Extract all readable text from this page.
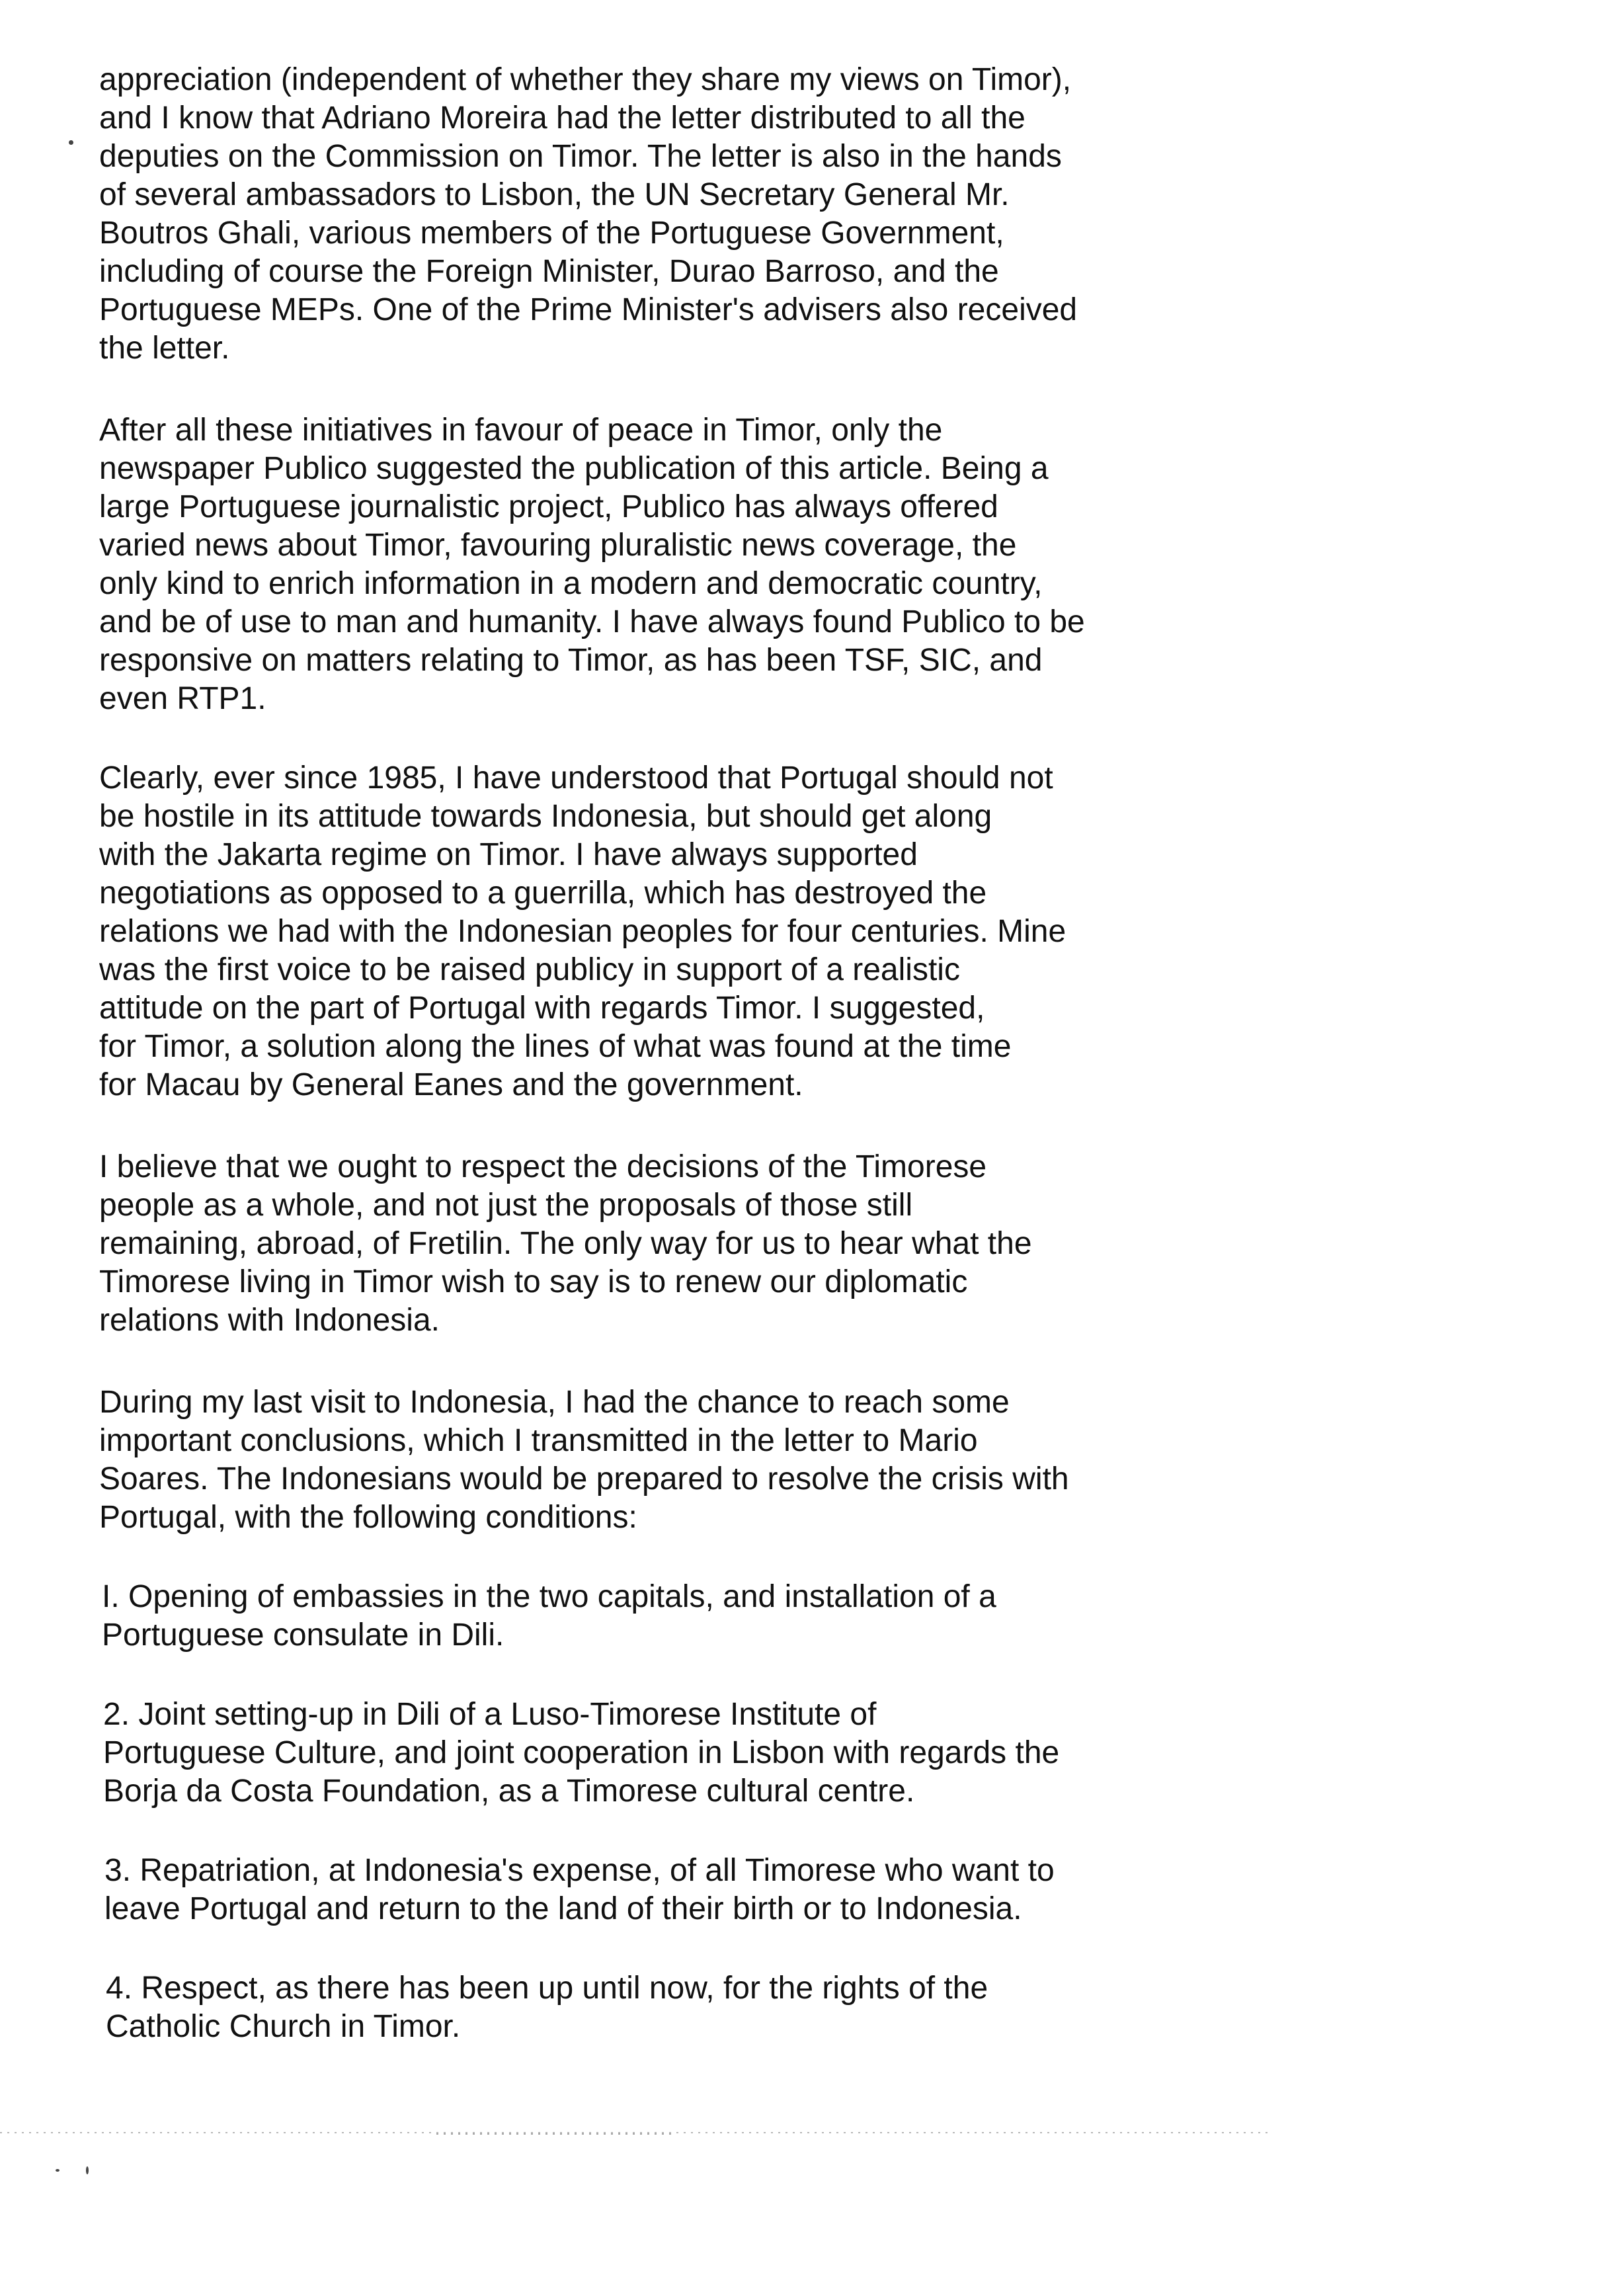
appreciation (independent of whether they share my views on Timor),

and I know that Adriano Moreira had the letter distributed to all the

deputies on the Commission on Timor. The letter is also in the hands

of several ambassadors to Lisbon, the UN Secretary General Mr.

Boutros Ghali, various members of the Portuguese Government,

including of course the Foreign Minister, Durao Barroso, and the

Portuguese MEPs. One of the Prime Minister's advisers also received

the letter.

After all these initiatives in favour of peace in Timor, only the

newspaper Publico suggested the publication of this article. Being a

large Portuguese journalistic project, Publico has always offered

varied news about Timor, favouring pluralistic news coverage, the

only kind to enrich information in a modern and democratic country,

and be of use to man and humanity. I have always found Publico to be

responsive on matters relating to Timor, as has been TSF, SIC, and

even RTP1.

Clearly, ever since 1985, I have understood that Portugal should not

be hostile in its attitude towards Indonesia, but should get along

with the Jakarta regime on Timor. I have always supported

negotiations as opposed to a guerrilla, which has destroyed the

relations we had with the Indonesian peoples for four centuries. Mine

was the first voice to be raised publicy in support of a realistic

attitude on the part of Portugal with regards Timor. I suggested,

for Timor, a solution along the lines of what was found at the time

for Macau by General Eanes and the government.

I believe that we ought to respect the decisions of the Timorese

people as a whole, and not just the proposals of those still

remaining, abroad, of Fretilin. The only way for us to hear what the

Timorese living in Timor wish to say is to renew our diplomatic

relations with Indonesia.

During my last visit to Indonesia, I had the chance to reach some

important conclusions, which I transmitted in the letter to Mario

Soares. The Indonesians would be prepared to resolve the crisis with

Portugal, with the following conditions:

I. Opening of embassies in the two capitals, and installation of a

Portuguese consulate in Dili.

2. Joint setting-up in Dili of a Luso-Timorese Institute of

Portuguese Culture, and joint cooperation in Lisbon with regards the

Borja da Costa Foundation, as a Timorese cultural centre.

3. Repatriation, at Indonesia's expense, of all Timorese who want to

leave Portugal and return to the land of their birth or to Indonesia.

4. Respect, as there has been up until now, for the rights of the

Catholic Church in Timor.
